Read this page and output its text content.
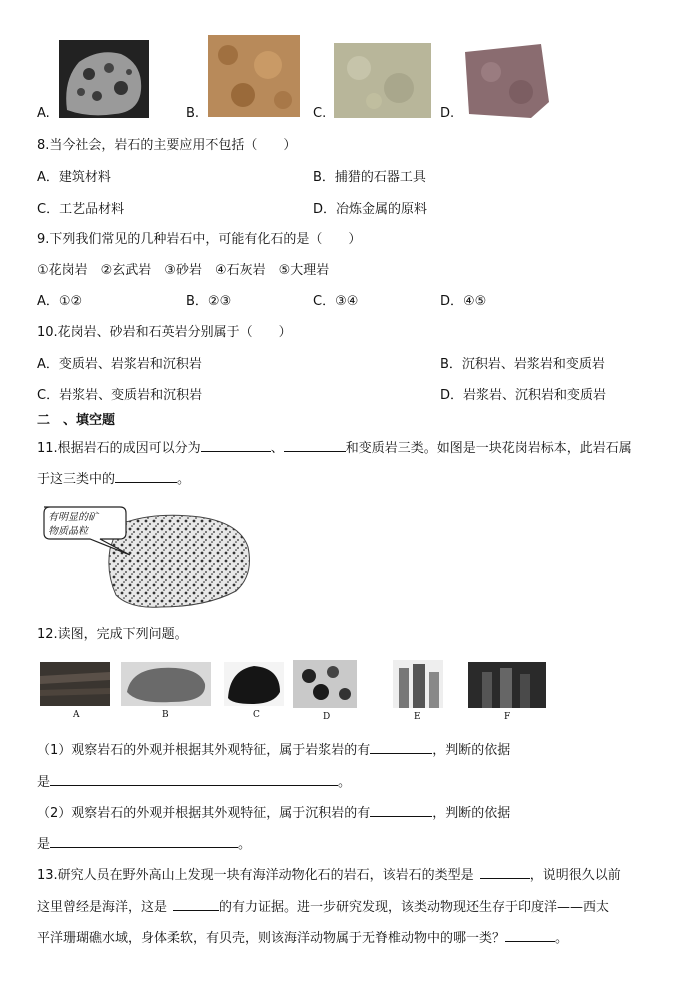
A.	B.	C.	D.
8.当今社会，岩石的主要应用不包括（　　）
A．建筑材料	B．捕猎的石器工具
C．工艺品材料	D．冶炼金属的原料
9.下列我们常见的几种岩石中，可能有化石的是（　　）
①花岗岩　②玄武岩　③砂岩　④石灰岩　⑤大理岩
A．①②	B．②③	C．③④	D．④⑤
10.花岗岩、砂岩和石英岩分别属于（　　）
A．变质岩、岩浆岩和沉积岩	B．沉积岩、岩浆岩和变质岩
C．岩浆岩、变质岩和沉积岩	D．岩浆岩、沉积岩和变质岩
二　、填空题
11.根据岩石的成因可以分为	、	和变质岩三类。如图是一块花岗岩标本，此岩石属
于这三类中的	。
有明显的矿
物质晶粒
12.读图，完成下列问题。
A	B	C	D	E	F
（1）观察岩石的外观并根据其外观特征，属于岩浆岩的有	，判断的依据
是	。
（2）观察岩石的外观并根据其外观特征，属于沉积岩的有	，判断的依据
是	。
13.研究人员在野外高山上发现一块有海洋动物化石的岩石，该岩石的类型是	，说明很久以前
这里曾经是海洋，这是	的有力证据。进一步研究发现，该类动物现还生存于印度洋——西太
平洋珊瑚礁水域，身体柔软，有贝壳，则该海洋动物属于无脊椎动物中的哪一类？	。
